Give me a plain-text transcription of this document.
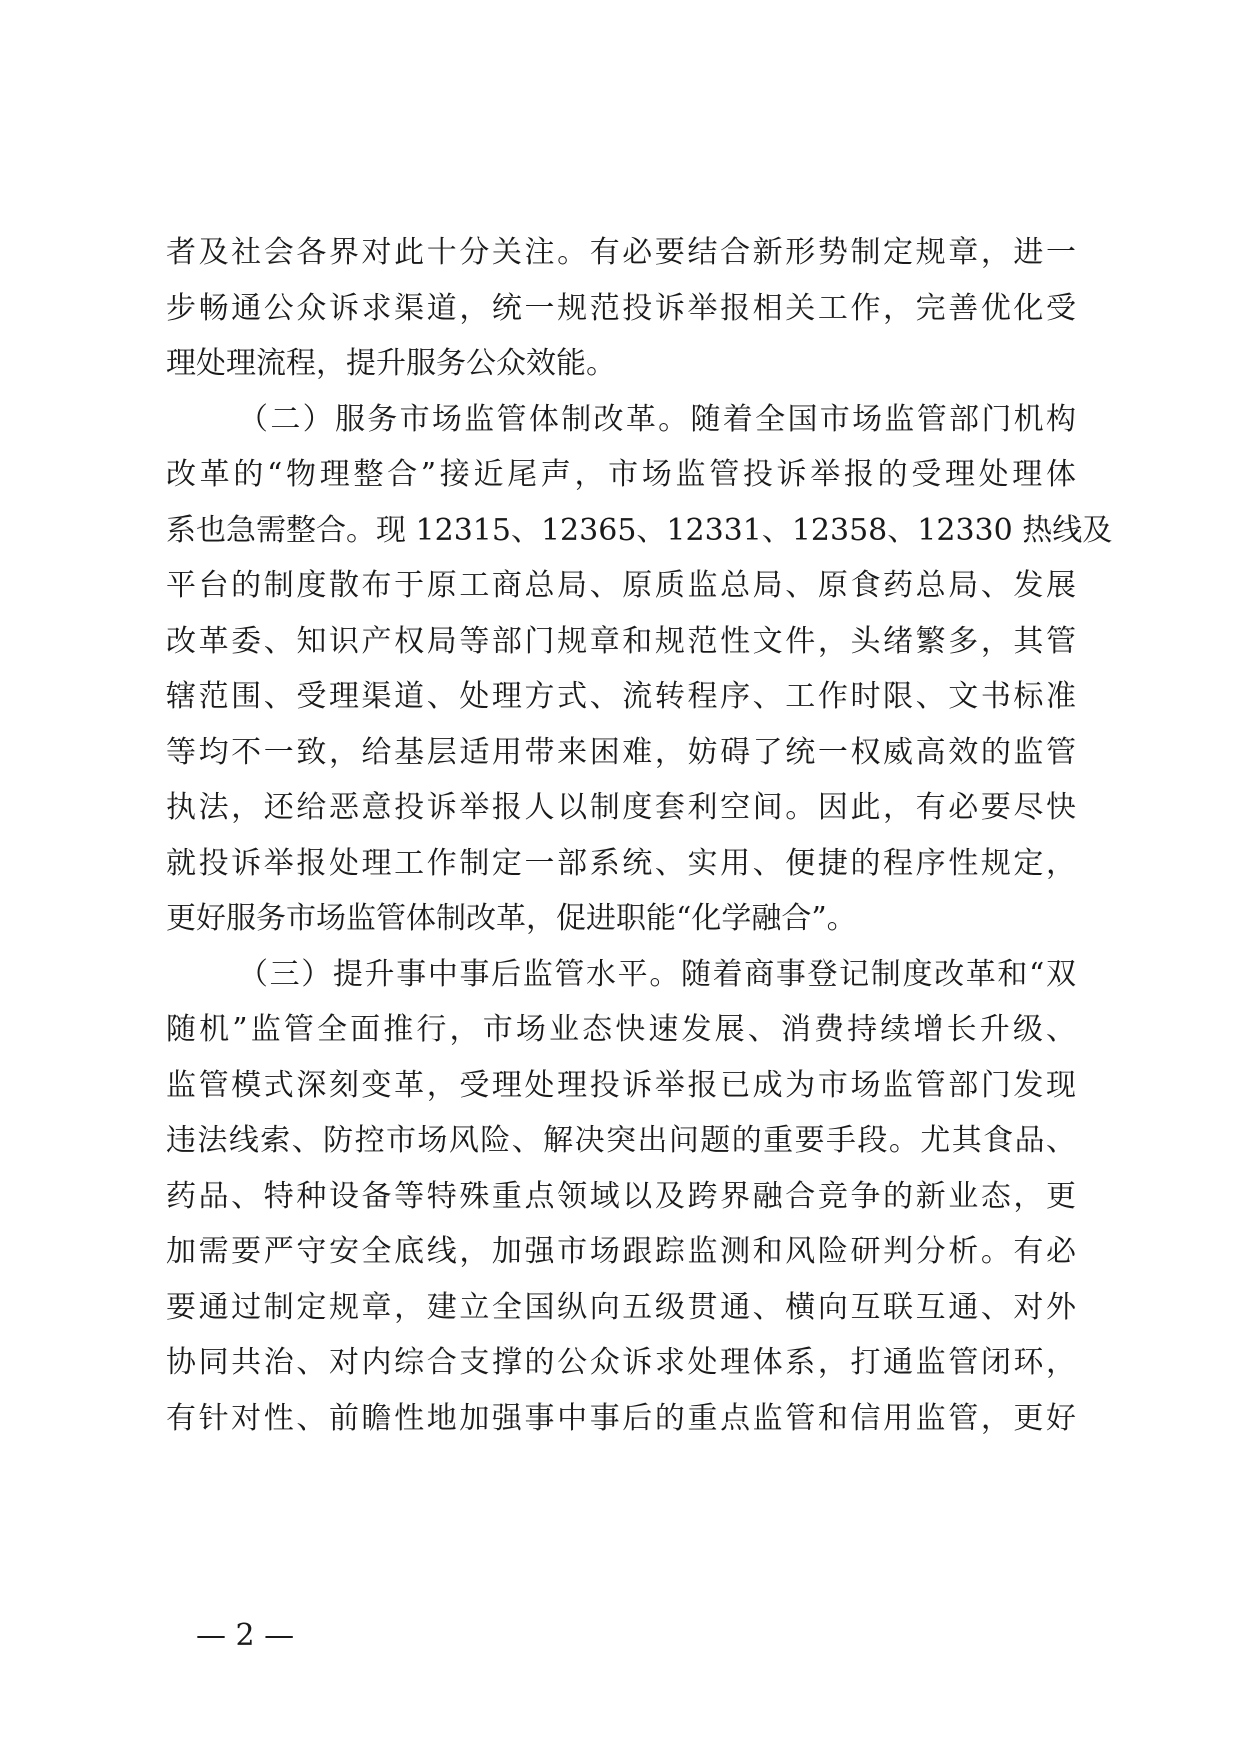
者及社会各界对此十分关注。有必要结合新形势制定规章，进一
步畅通公众诉求渠道，统一规范投诉举报相关工作，完善优化受
理处理流程，提升服务公众效能。
（二）服务市场监管体制改革。随着全国市场监管部门机构
改革的“物理整合”接近尾声，市场监管投诉举报的受理处理体
系也急需整合。现 12315、12365、12331、12358、12330 热线及
平台的制度散布于原工商总局、原质监总局、原食药总局、发展
改革委、知识产权局等部门规章和规范性文件，头绪繁多，其管
辖范围、受理渠道、处理方式、流转程序、工作时限、文书标准
等均不一致，给基层适用带来困难，妨碍了统一权威高效的监管
执法，还给恶意投诉举报人以制度套利空间。因此，有必要尽快
就投诉举报处理工作制定一部系统、实用、便捷的程序性规定，
更好服务市场监管体制改革，促进职能“化学融合”。
（三）提升事中事后监管水平。随着商事登记制度改革和“双
随机”监管全面推行，市场业态快速发展、消费持续增长升级、
监管模式深刻变革，受理处理投诉举报已成为市场监管部门发现
违法线索、防控市场风险、解决突出问题的重要手段。尤其食品、
药品、特种设备等特殊重点领域以及跨界融合竞争的新业态，更
加需要严守安全底线，加强市场跟踪监测和风险研判分析。有必
要通过制定规章，建立全国纵向五级贯通、横向互联互通、对外
协同共治、对内综合支撑的公众诉求处理体系，打通监管闭环，
有针对性、前瞻性地加强事中事后的重点监管和信用监管，更好
— 2 —
